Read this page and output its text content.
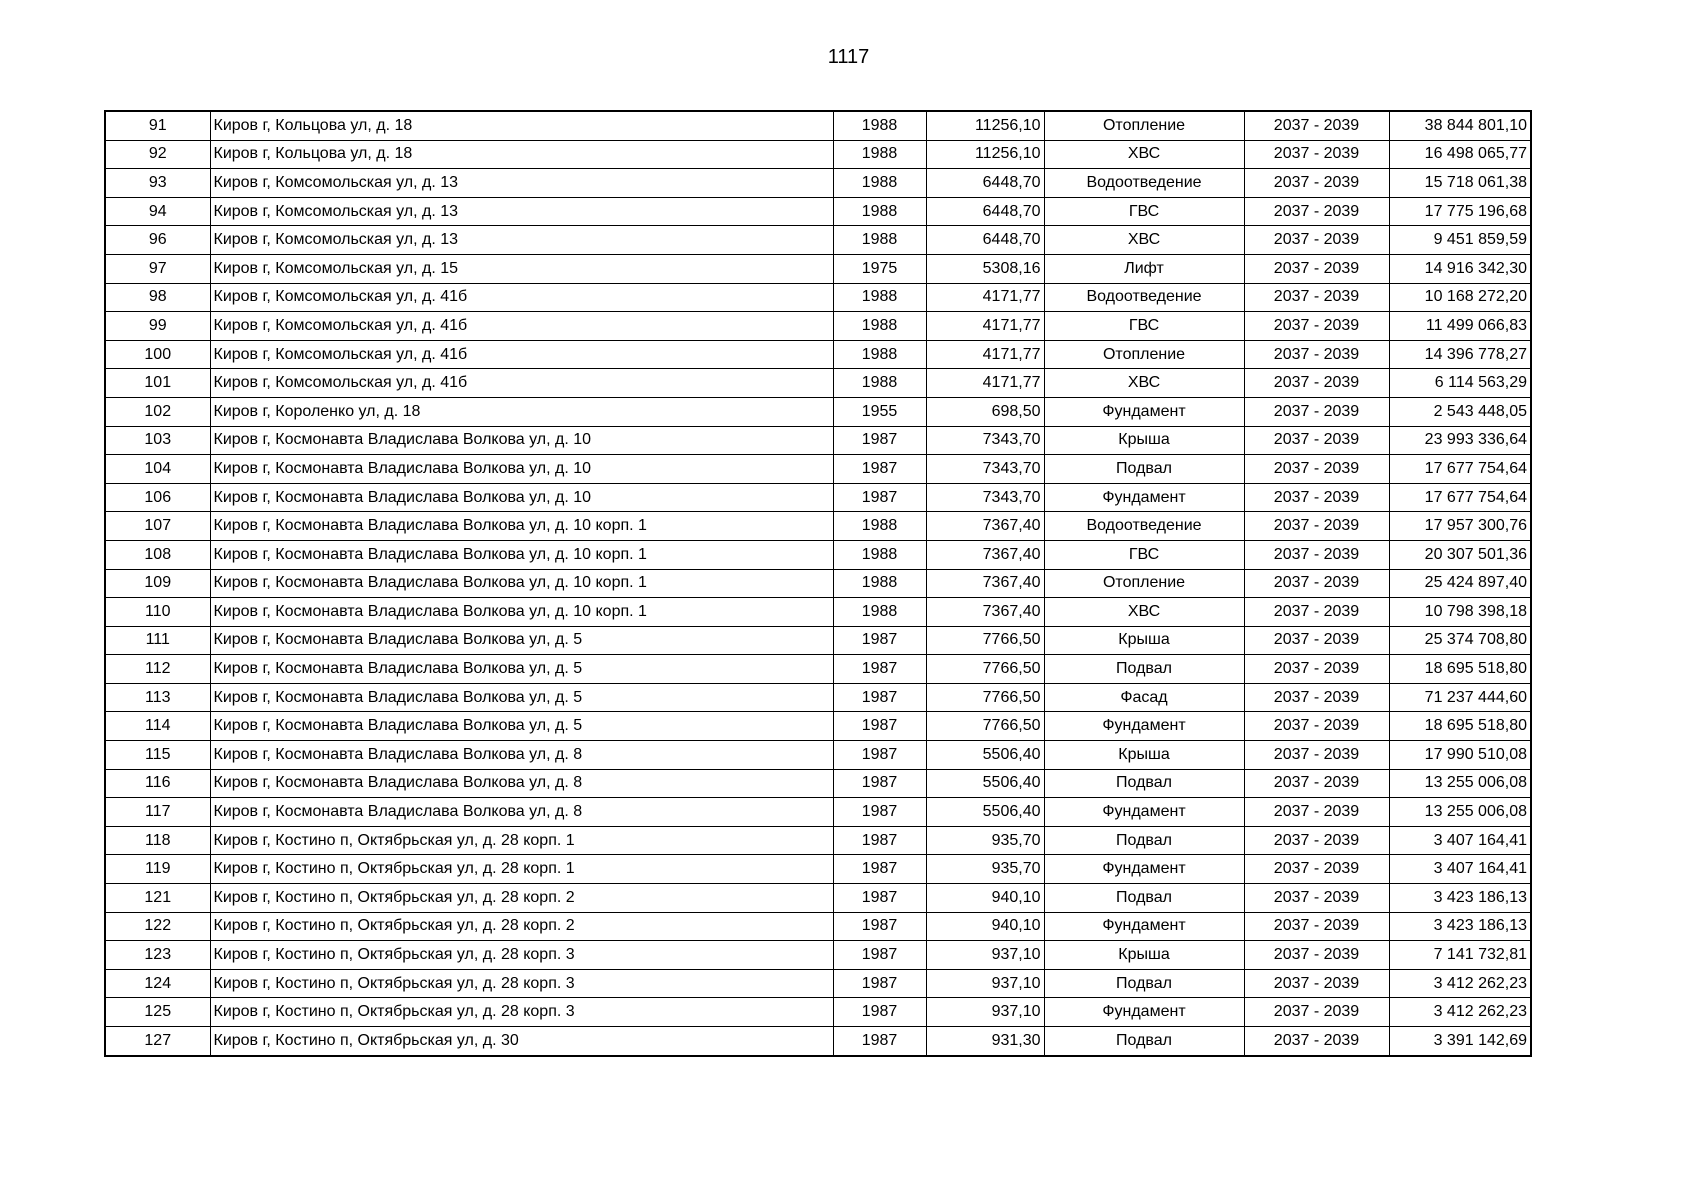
1117
91	Киров г, Кольцова ул, д. 18	1988	11256,10	Отопление	2037 - 2039	38 844 801,10
92	Киров г, Кольцова ул, д. 18	1988	11256,10	ХВС	2037 - 2039	16 498 065,77
93	Киров г, Комсомольская ул, д. 13	1988	6448,70	Водоотведение	2037 - 2039	15 718 061,38
94	Киров г, Комсомольская ул, д. 13	1988	6448,70	ГВС	2037 - 2039	17 775 196,68
96	Киров г, Комсомольская ул, д. 13	1988	6448,70	ХВС	2037 - 2039	9 451 859,59
97	Киров г, Комсомольская ул, д. 15	1975	5308,16	Лифт	2037 - 2039	14 916 342,30
98	Киров г, Комсомольская ул, д. 41б	1988	4171,77	Водоотведение	2037 - 2039	10 168 272,20
99	Киров г, Комсомольская ул, д. 41б	1988	4171,77	ГВС	2037 - 2039	11 499 066,83
100	Киров г, Комсомольская ул, д. 41б	1988	4171,77	Отопление	2037 - 2039	14 396 778,27
101	Киров г, Комсомольская ул, д. 41б	1988	4171,77	ХВС	2037 - 2039	6 114 563,29
102	Киров г, Короленко ул, д. 18	1955	698,50	Фундамент	2037 - 2039	2 543 448,05
103	Киров г, Космонавта Владислава Волкова ул, д. 10	1987	7343,70	Крыша	2037 - 2039	23 993 336,64
104	Киров г, Космонавта Владислава Волкова ул, д. 10	1987	7343,70	Подвал	2037 - 2039	17 677 754,64
106	Киров г, Космонавта Владислава Волкова ул, д. 10	1987	7343,70	Фундамент	2037 - 2039	17 677 754,64
107	Киров г, Космонавта Владислава Волкова ул, д. 10 корп. 1	1988	7367,40	Водоотведение	2037 - 2039	17 957 300,76
108	Киров г, Космонавта Владислава Волкова ул, д. 10 корп. 1	1988	7367,40	ГВС	2037 - 2039	20 307 501,36
109	Киров г, Космонавта Владислава Волкова ул, д. 10 корп. 1	1988	7367,40	Отопление	2037 - 2039	25 424 897,40
110	Киров г, Космонавта Владислава Волкова ул, д. 10 корп. 1	1988	7367,40	ХВС	2037 - 2039	10 798 398,18
111	Киров г, Космонавта Владислава Волкова ул, д. 5	1987	7766,50	Крыша	2037 - 2039	25 374 708,80
112	Киров г, Космонавта Владислава Волкова ул, д. 5	1987	7766,50	Подвал	2037 - 2039	18 695 518,80
113	Киров г, Космонавта Владислава Волкова ул, д. 5	1987	7766,50	Фасад	2037 - 2039	71 237 444,60
114	Киров г, Космонавта Владислава Волкова ул, д. 5	1987	7766,50	Фундамент	2037 - 2039	18 695 518,80
115	Киров г, Космонавта Владислава Волкова ул, д. 8	1987	5506,40	Крыша	2037 - 2039	17 990 510,08
116	Киров г, Космонавта Владислава Волкова ул, д. 8	1987	5506,40	Подвал	2037 - 2039	13 255 006,08
117	Киров г, Космонавта Владислава Волкова ул, д. 8	1987	5506,40	Фундамент	2037 - 2039	13 255 006,08
118	Киров г, Костино п, Октябрьская ул, д. 28 корп. 1	1987	935,70	Подвал	2037 - 2039	3 407 164,41
119	Киров г, Костино п, Октябрьская ул, д. 28 корп. 1	1987	935,70	Фундамент	2037 - 2039	3 407 164,41
121	Киров г, Костино п, Октябрьская ул, д. 28 корп. 2	1987	940,10	Подвал	2037 - 2039	3 423 186,13
122	Киров г, Костино п, Октябрьская ул, д. 28 корп. 2	1987	940,10	Фундамент	2037 - 2039	3 423 186,13
123	Киров г, Костино п, Октябрьская ул, д. 28 корп. 3	1987	937,10	Крыша	2037 - 2039	7 141 732,81
124	Киров г, Костино п, Октябрьская ул, д. 28 корп. 3	1987	937,10	Подвал	2037 - 2039	3 412 262,23
125	Киров г, Костино п, Октябрьская ул, д. 28 корп. 3	1987	937,10	Фундамент	2037 - 2039	3 412 262,23
127	Киров г, Костино п, Октябрьская ул, д. 30	1987	931,30	Подвал	2037 - 2039	3 391 142,69
